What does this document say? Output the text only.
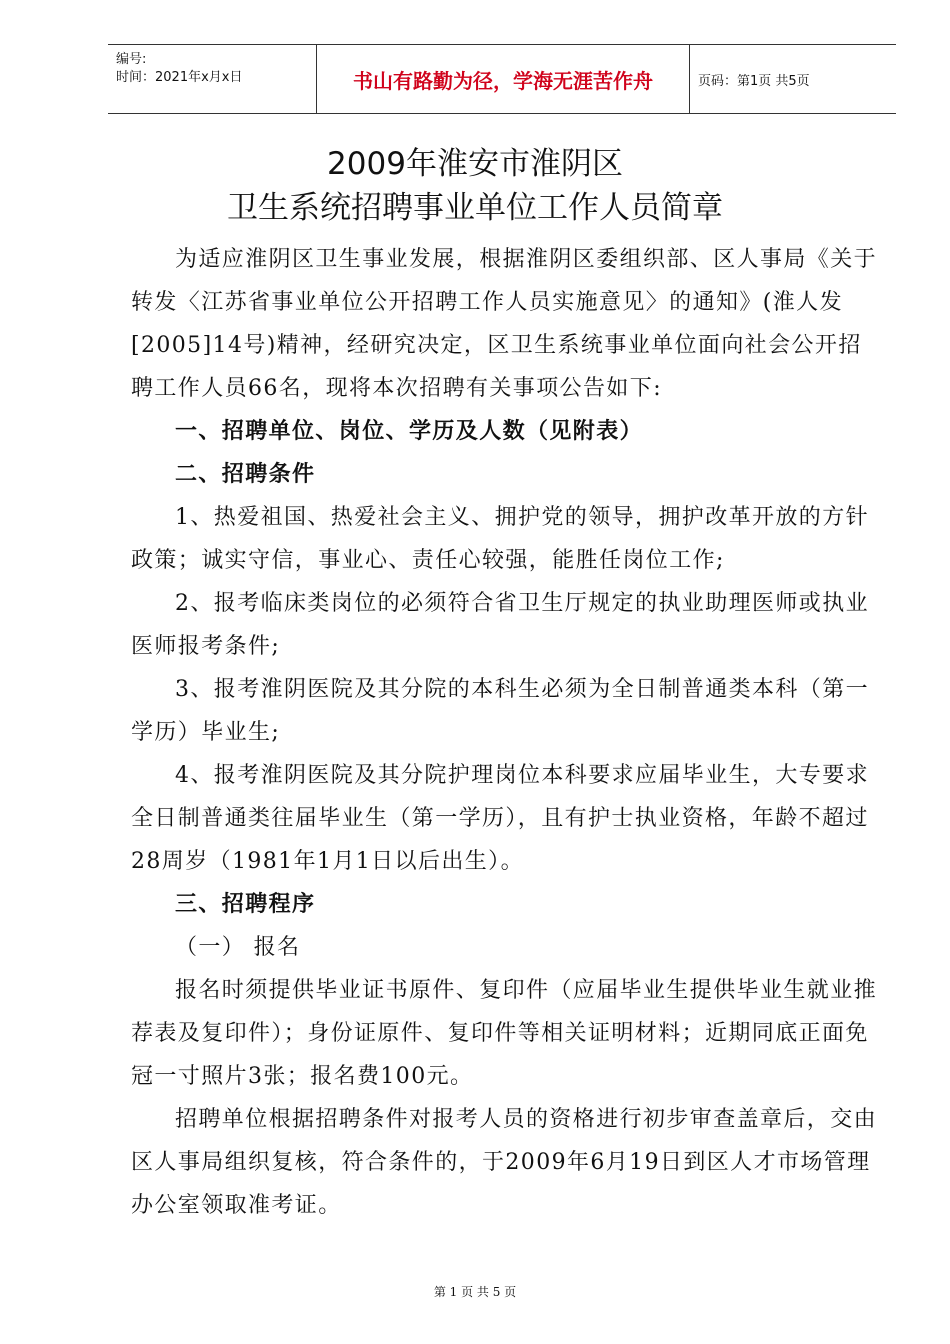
编号:
时间：2021年x月x日	书山有路勤为径，学海无涯苦作舟	页码：第1页 共5页
2009年淮安市淮阴区
卫生系统招聘事业单位工作人员简章

为适应淮阴区卫生事业发展，根据淮阴区委组织部、区人事局《关于转发〈江苏省事业单位公开招聘工作人员实施意见〉的通知》(淮人发[2005]14号)精神，经研究决定，区卫生系统事业单位面向社会公开招聘工作人员66名，现将本次招聘有关事项公告如下:

一、招聘单位、岗位、学历及人数（见附表）

二、招聘条件

1、热爱祖国、热爱社会主义、拥护党的领导，拥护改革开放的方针政策；诚实守信，事业心、责任心较强，能胜任岗位工作;

2、报考临床类岗位的必须符合省卫生厅规定的执业助理医师或执业医师报考条件;

3、报考淮阴医院及其分院的本科生必须为全日制普通类本科（第一学历）毕业生;

4、报考淮阴医院及其分院护理岗位本科要求应届毕业生，大专要求全日制普通类往届毕业生（第一学历），且有护士执业资格，年龄不超过28周岁（1981年1月1日以后出生）。

三、招聘程序

（一） 报名

报名时须提供毕业证书原件、复印件（应届毕业生提供毕业生就业推荐表及复印件）；身份证原件、复印件等相关证明材料；近期同底正面免冠一寸照片3张；报名费100元。

招聘单位根据招聘条件对报考人员的资格进行初步审查盖章后，交由区人事局组织复核，符合条件的，于2009年6月19日到区人才市场管理办公室领取准考证。

第 1 页 共 5 页
